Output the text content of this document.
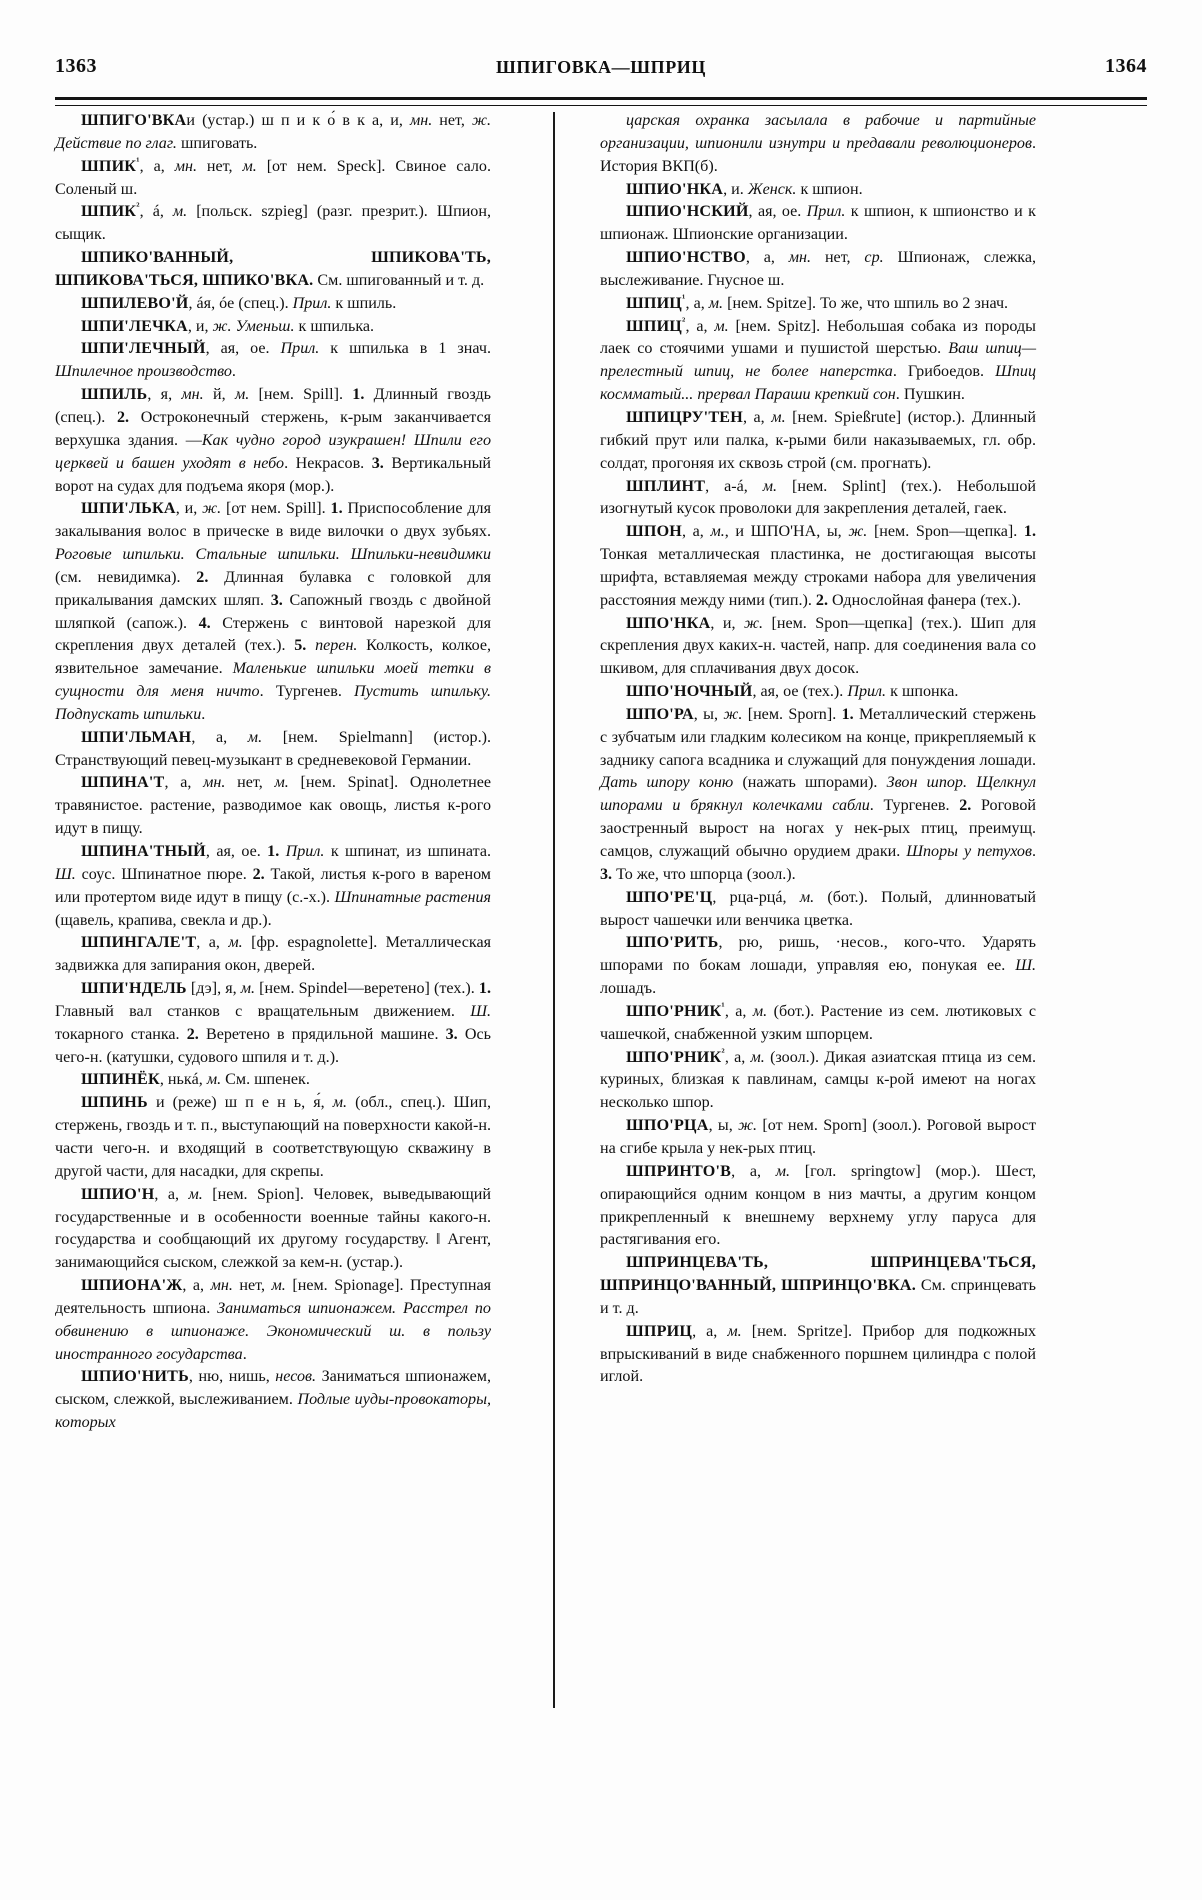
1363	ШПИГОВКА—ШПРИЦ	1364

ШПИГО'ВКАи (устар.) ш п и к о́ в к а, и, мн. нет, ж. Действие по глаг. шпиговать.

$ШПИК^{^1}$, а, мн. нет, м. [от нем. Speck]. Свиное сало. Соленый ш.

$ШПИК^{^2}$, á, м. [польск. szpieg] (разг. презрит.). Шпион, сыщик.

ШПИКО'ВАННЫЙ, ШПИКОВА'ТЬ, ШПИКОВА'ТЬСЯ, ШПИКО'ВКА. См. шпигованный и т. д.

ШПИЛЕВО'Й, áя, óе (спец.). Прил. к шпиль.

ШПИ'ЛЕЧКА, и, ж. Уменьш. к шпилька.

ШПИ'ЛЕЧНЫЙ, ая, ое. Прил. к шпилька в 1 знач. Шпилечное производство.

ШПИЛЬ, я, мн. й, м. [нем. Spill]. 1. Длинный гвоздь (спец.). 2. Остроконечный стержень, к-рым заканчивается верхушка здания. —Как чудно город изукрашен! Шпили его церквей и башен уходят в небо. Некрасов. 3. Вертикальный ворот на судах для подъема якоря (мор.).

ШПИ'ЛЬКА, и, ж. [от нем. Spill]. 1. Приспособление для закалывания волос в прическе в виде вилочки о двух зубьях. Роговые шпильки. Стальные шпильки. Шпильки-невидимки (см. невидимка). 2. Длинная булавка с головкой для прикалывания дамских шляп. 3. Сапожный гвоздь с двойной шляпкой (сапож.). 4. Стержень с винтовой нарезкой для скрепления двух деталей (тех.). 5. перен. Колкость, колкое, язвительное замечание. Маленькие шпильки моей тетки в сущности для меня ничто. Тургенев. Пустить шпильку. Подпускать шпильки.

ШПИ'ЛЬМАН, а, м. [нем. Spielmann] (истор.). Странствующий певец-музыкант в средневековой Германии.

ШПИНА'Т, а, мн. нет, м. [нем. Spinat]. Однолетнее травянистое. растение, разводимое как овощь, листья к-рого идут в пищу.

ШПИНА'ТНЫЙ, ая, ое. 1. Прил. к шпинат, из шпината. Ш. соус. Шпинатное пюре. 2. Такой, листья к-рого в вареном или протертом виде идут в пищу (с.-х.). Шпинатные растения (щавель, крапива, свекла и др.).

ШПИНГАЛЕ'Т, а, м. [фр. espagnolette]. Металлическая задвижка для запирания окон, дверей.

ШПИ'НДЕЛЬ [дэ], я, м. [нем. Spindel—веретено] (тех.). 1. Главный вал станков с вращательным движением. Ш. токарного станка. 2. Веретено в прядильной машине. 3. Ось чего-н. (катушки, судового шпиля и т. д.).

ШПИНЁК, нькá, м. См. шпенек.

ШПИНЬ и (реже) ш п е н ь, я́, м. (обл., спец.). Шип, стержень, гвоздь и т. п., выступающий на поверхности какой-н. части чего-н. и входящий в соответствующую скважину в другой части, для насадки, для скрепы.

ШПИО'Н, а, м. [нем. Spion]. Человек, выведывающий государственные и в особенности военные тайны какого-н. государства и сообщающий их другому государству. ‖ Агент, занимающийся сыском, слежкой за кем-н. (устар.).

ШПИОНА'Ж, а, мн. нет, м. [нем. Spionage]. Преступная деятельность шпиона. Заниматься шпионажем. Расстрел по обвинению в шпионаже. Экономический ш. в пользу иностранного государства.

ШПИО'НИТЬ, ню, нишь, несов. Заниматься шпионажем, сыском, слежкой, выслеживанием. Подлые иуды-провокаторы, которых

царская охранка засылала в рабочие и партийные организации, шпионили изнутри и предавали революционеров. История ВКП(б).

ШПИО'НКА, и. Женск. к шпион.

ШПИО'НСКИЙ, ая, ое. Прил. к шпион, к шпионство и к шпионаж. Шпионские организации.

ШПИО'НСТВО, а, мн. нет, ср. Шпионаж, слежка, выслеживание. Гнусное ш.

$ШПИЦ^{^1}$, а, м. [нем. Spitze]. То же, что шпиль во 2 знач.

$ШПИЦ^{^2}$, а, м. [нем. Spitz]. Небольшая собака из породы лаек со стоячими ушами и пушистой шерстью. Ваш шпиц—прелестный шпиц, не более наперстка. Грибоедов. Шпиц космматый... прервал Параши крепкий сон. Пушкин.

ШПИЦРУ'ТЕН, а, м. [нем. Spießrute] (истор.). Длинный гибкий прут или палка, к-рыми били наказываемых, гл. обр. солдат, прогоняя их сквозь строй (см. прогнать).

ШПЛИНТ, а-á, м. [нем. Splint] (тех.). Небольшой изогнутый кусок проволоки для закрепления деталей, гаек.

ШПОН, а, м., и ШПО'НА, ы, ж. [нем. Spon—щепка]. 1. Тонкая металлическая пластинка, не достигающая высоты шрифта, вставляемая между строками набора для увеличения расстояния между ними (тип.). 2. Однослойная фанера (тех.).

ШПО'НКА, и, ж. [нем. Spon—щепка] (тех.). Шип для скрепления двух каких-н. частей, напр. для соединения вала со шкивом, для сплачивания двух досок.

ШПО'НОЧНЫЙ, ая, ое (тех.). Прил. к шпонка.

ШПО'РА, ы, ж. [нем. Sporn]. 1. Металлический стержень с зубчатым или гладким колесиком на конце, прикрепляемый к заднику сапога всадника и служащий для понуждения лошади. Дать шпору коню (нажать шпорами). Звон шпор. Щелкнул шпорами и брякнул колечками сабли. Тургенев. 2. Роговой заостренный вырост на ногах у нек-рых птиц, преимущ. самцов, служащий обычно орудием драки. Шпоры у петухов. 3. То же, что шпорца (зоол.).

ШПО'РЕ'Ц, рца-рцá, м. (бот.). Полый, длинноватый вырост чашечки или венчика цветка.

ШПО'РИТЬ, рю, ришь, ·несов., кого-что. Ударять шпорами по бокам лошади, управляя ею, понукая ее. Ш. лошадъ.

$ШПО'РНИК^{^1}$, а, м. (бот.). Растение из сем. лютиковых с чашечкой, снабженной узким шпорцем.

$ШПО'РНИК^{^2}$, а, м. (зоол.). Дикая азиатская птица из сем. куриных, близкая к павлинам, самцы к-рой имеют на ногах несколько шпор.

ШПО'РЦА, ы, ж. [от нем. Sporn] (зоол.). Роговой вырост на сгибе крыла у нек-рых птиц.

ШПРИНТО'В, а, м. [гол. springtow] (мор.). Шест, опирающийся одним концом в низ мачты, а другим концом прикрепленный к внешнему верхнему углу паруса для растягивания его.

ШПРИНЦЕВА'ТЬ, ШПРИНЦЕВА'ТЬСЯ, ШПРИНЦО'ВАННЫЙ, ШПРИНЦО'ВКА. См. спринцевать и т. д.

ШПРИЦ, а, м. [нем. Spritze]. Прибор для подкожных впрыскиваний в виде снабженного поршнем цилиндра с полой иглой.
